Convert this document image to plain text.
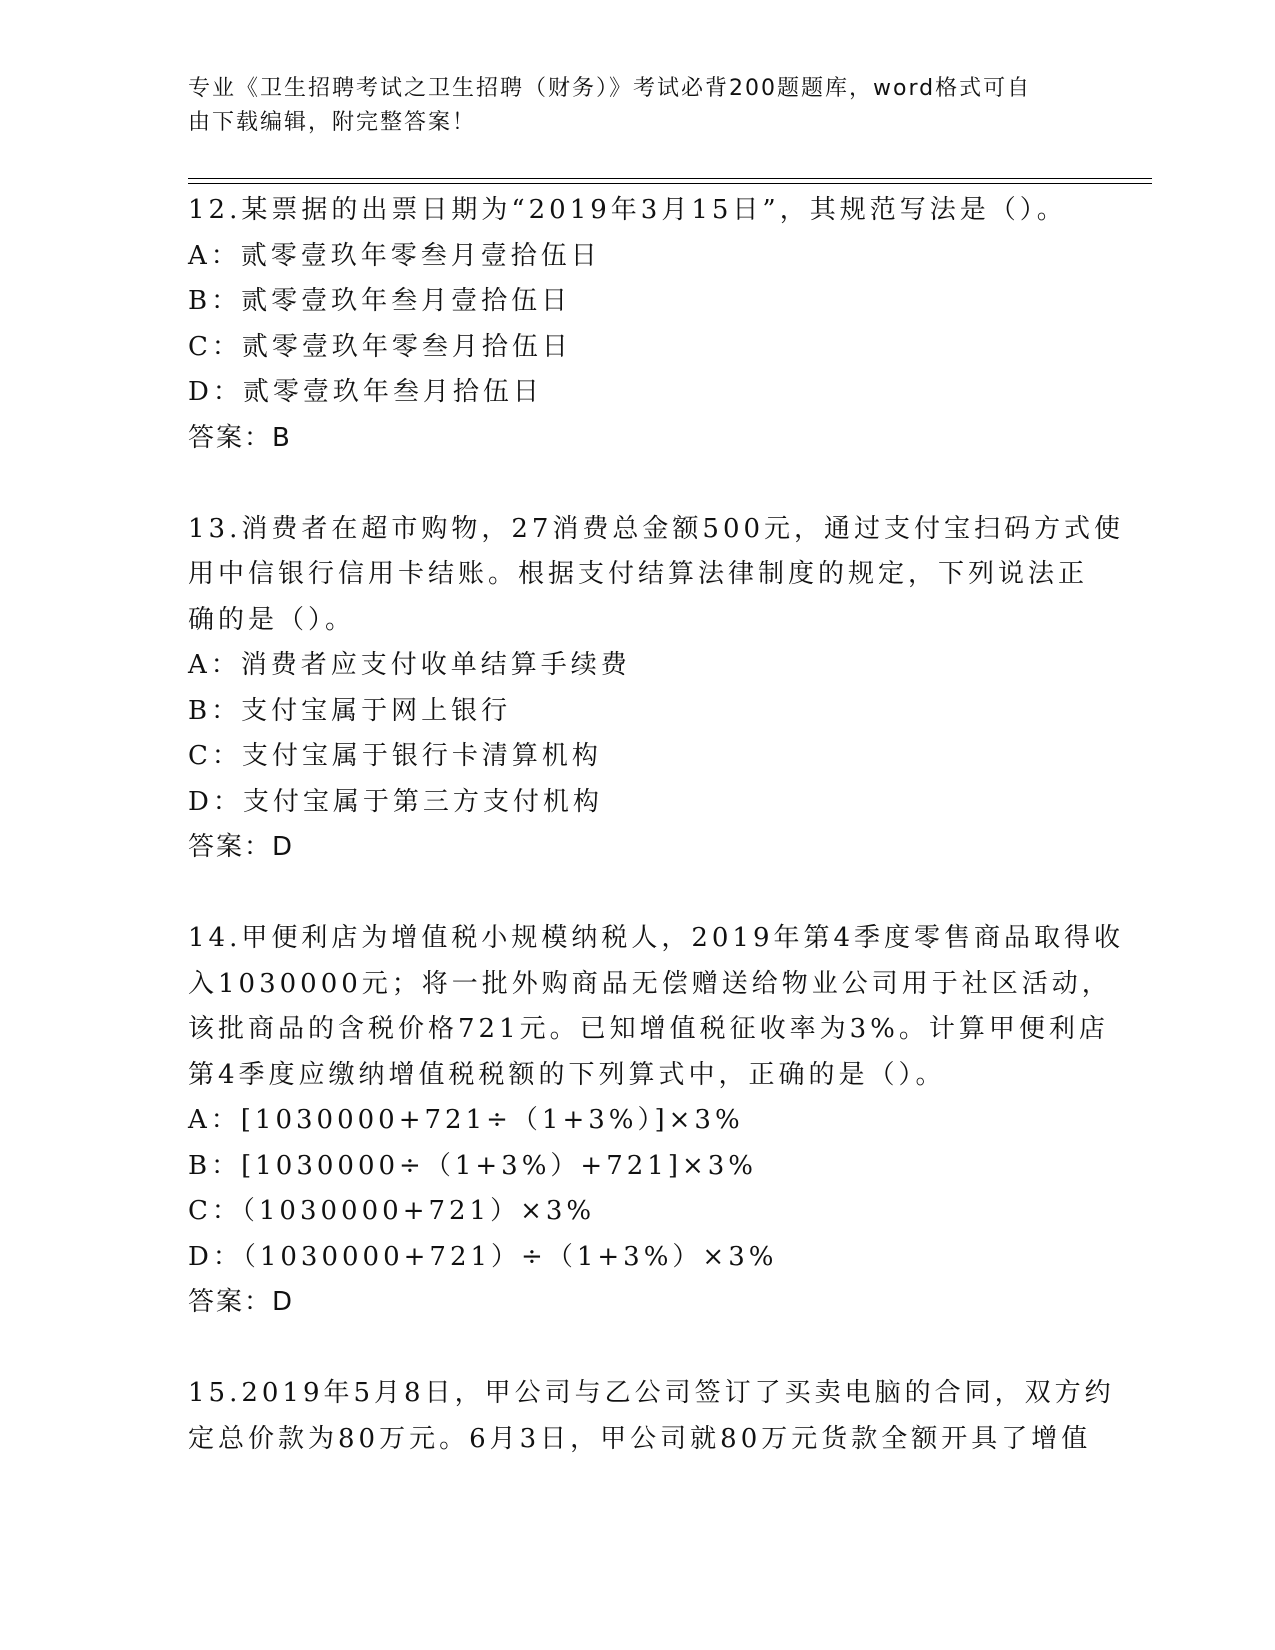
专业《卫生招聘考试之卫生招聘（财务）》考试必背200题题库，word格式可自
由下载编辑，附完整答案！
12.某票据的出票日期为“2019年3月15日”，其规范写法是（）。
A：贰零壹玖年零叁月壹拾伍日
B：贰零壹玖年叁月壹拾伍日
C：贰零壹玖年零叁月拾伍日
D：贰零壹玖年叁月拾伍日
答案：B
13.消费者在超市购物，27消费总金额500元，通过支付宝扫码方式使
用中信银行信用卡结账。根据支付结算法律制度的规定，下列说法正
确的是（）。
A：消费者应支付收单结算手续费
B：支付宝属于网上银行
C：支付宝属于银行卡清算机构
D：支付宝属于第三方支付机构
答案：D
14.甲便利店为增值税小规模纳税人，2019年第4季度零售商品取得收
入1030000元；将一批外购商品无偿赠送给物业公司用于社区活动，
该批商品的含税价格721元。已知增值税征收率为3%。计算甲便利店
第4季度应缴纳增值税税额的下列算式中，正确的是（）。
A：[1030000+721÷（1+3%）]×3%
B：[1030000÷（1+3%）+721]×3%
C：（1030000+721）×3%
D：（1030000+721）÷（1+3%）×3%
答案：D
15.2019年5月8日，甲公司与乙公司签订了买卖电脑的合同，双方约
定总价款为80万元。6月3日，甲公司就80万元货款全额开具了增值
